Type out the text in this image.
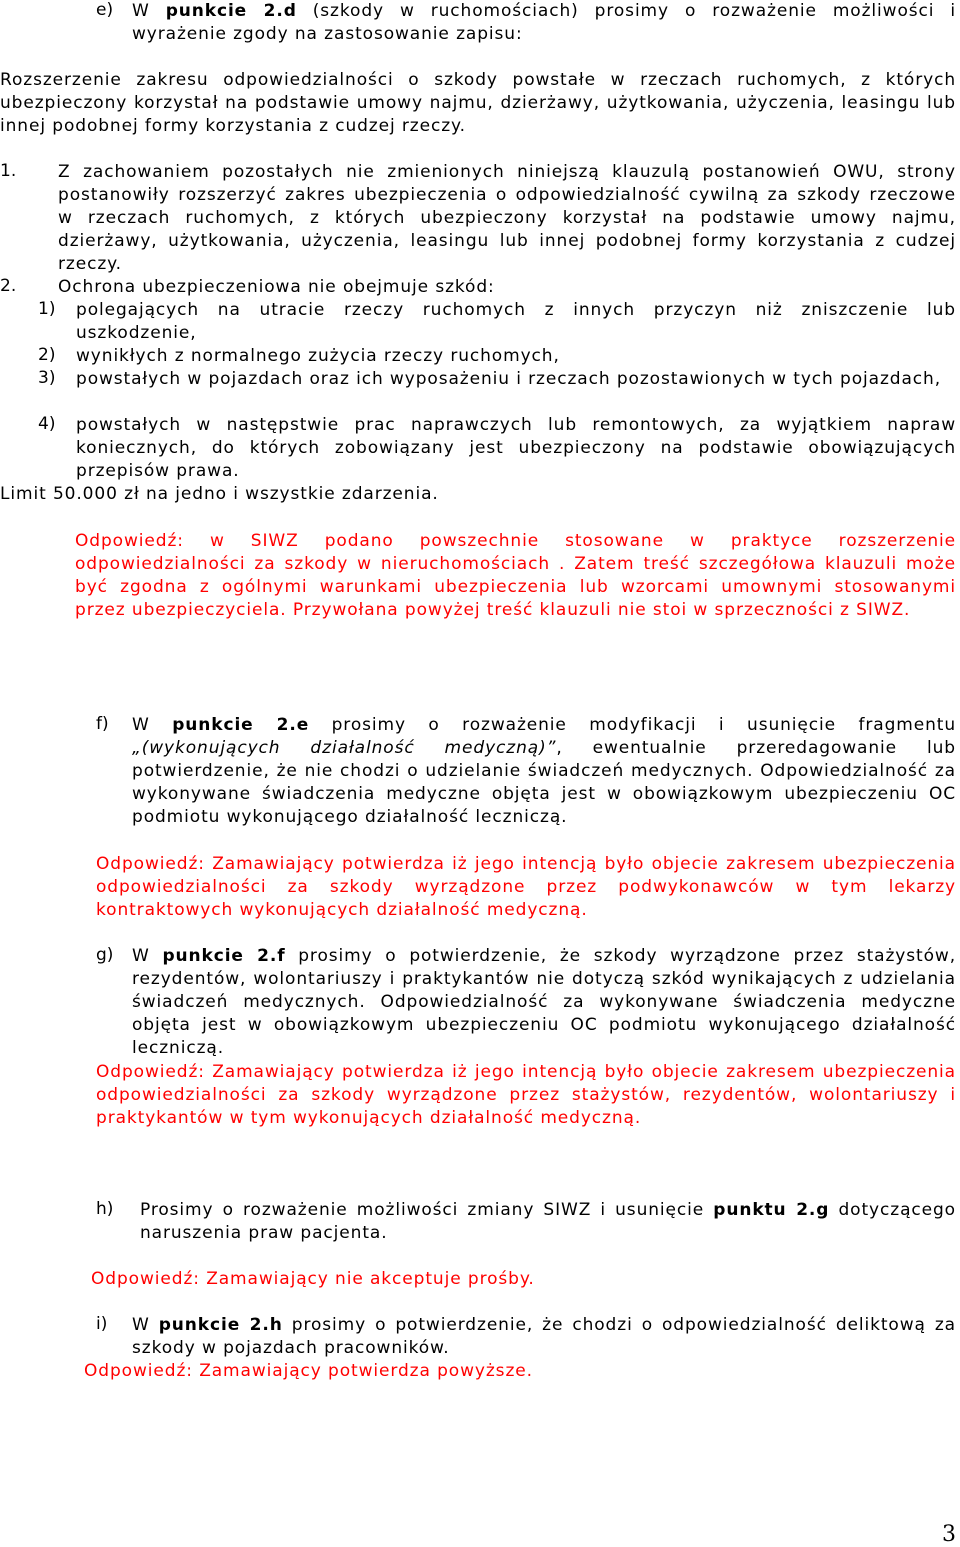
e)	W punkcie 2.d (szkody w ruchomościach) prosimy o rozważenie możliwości i wyrażenie zgody na zastosowanie zapisu:

Rozszerzenie zakresu odpowiedzialności o szkody powstałe w rzeczach ruchomych, z których ubezpieczony korzystał na podstawie umowy najmu, dzierżawy, użytkowania, użyczenia, leasingu lub innej podobnej formy korzystania z cudzej rzeczy.

1.	Z zachowaniem pozostałych nie zmienionych niniejszą klauzulą postanowień OWU, strony postanowiły rozszerzyć zakres ubezpieczenia o odpowiedzialność cywilną za szkody rzeczowe w rzeczach ruchomych, z których ubezpieczony korzystał na podstawie umowy najmu, dzierżawy, użytkowania, użyczenia, leasingu lub innej podobnej formy korzystania z cudzej rzeczy.

2.	Ochrona ubezpieczeniowa nie obejmuje szkód:

1)	polegających na utracie rzeczy ruchomych z innych przyczyn niż zniszczenie lub uszkodzenie,

2)	wynikłych z normalnego zużycia rzeczy ruchomych,

3)	powstałych w pojazdach oraz ich wyposażeniu i rzeczach pozostawionych w tych pojazdach,

4)	powstałych w następstwie prac naprawczych lub remontowych, za wyjątkiem napraw koniecznych, do których zobowiązany jest ubezpieczony na podstawie obowiązujących przepisów prawa.

Limit 50.000 zł na jedno i wszystkie zdarzenia.

Odpowiedź: w SIWZ podano powszechnie stosowane w praktyce rozszerzenie odpowiedzialności za szkody w nieruchomościach . Zatem treść szczegółowa klauzuli może być zgodna z ogólnymi warunkami ubezpieczenia lub wzorcami umownymi stosowanymi przez ubezpieczyciela. Przywołana powyżej treść klauzuli nie stoi w sprzeczności z SIWZ.

f)	W punkcie 2.e prosimy o rozważenie modyfikacji i usunięcie fragmentu „(wykonujących działalność medyczną)”, ewentualnie przeredagowanie lub potwierdzenie, że nie chodzi o udzielanie świadczeń medycznych. Odpowiedzialność za wykonywane świadczenia medyczne objęta jest w obowiązkowym ubezpieczeniu OC podmiotu wykonującego działalność leczniczą.

Odpowiedź: Zamawiający potwierdza iż jego intencją było objecie zakresem ubezpieczenia odpowiedzialności za szkody wyrządzone przez podwykonawców w tym lekarzy kontraktowych wykonujących działalność medyczną.

g)	W punkcie 2.f prosimy o potwierdzenie, że szkody wyrządzone przez stażystów, rezydentów, wolontariuszy i praktykantów nie dotyczą szkód wynikających z udzielania świadczeń medycznych. Odpowiedzialność za wykonywane świadczenia medyczne objęta jest w obowiązkowym ubezpieczeniu OC podmiotu wykonującego działalność leczniczą.

Odpowiedź: Zamawiający potwierdza iż jego intencją było objecie zakresem ubezpieczenia odpowiedzialności za szkody wyrządzone przez stażystów, rezydentów, wolontariuszy i praktykantów w tym wykonujących działalność medyczną.

h)	Prosimy o rozważenie możliwości zmiany SIWZ i usunięcie punktu 2.g dotyczącego naruszenia praw pacjenta.

Odpowiedź: Zamawiający nie akceptuje prośby.

i)	W punkcie 2.h prosimy o potwierdzenie, że chodzi o odpowiedzialność deliktową za szkody w pojazdach pracowników.

Odpowiedź: Zamawiający potwierdza powyższe.

3
